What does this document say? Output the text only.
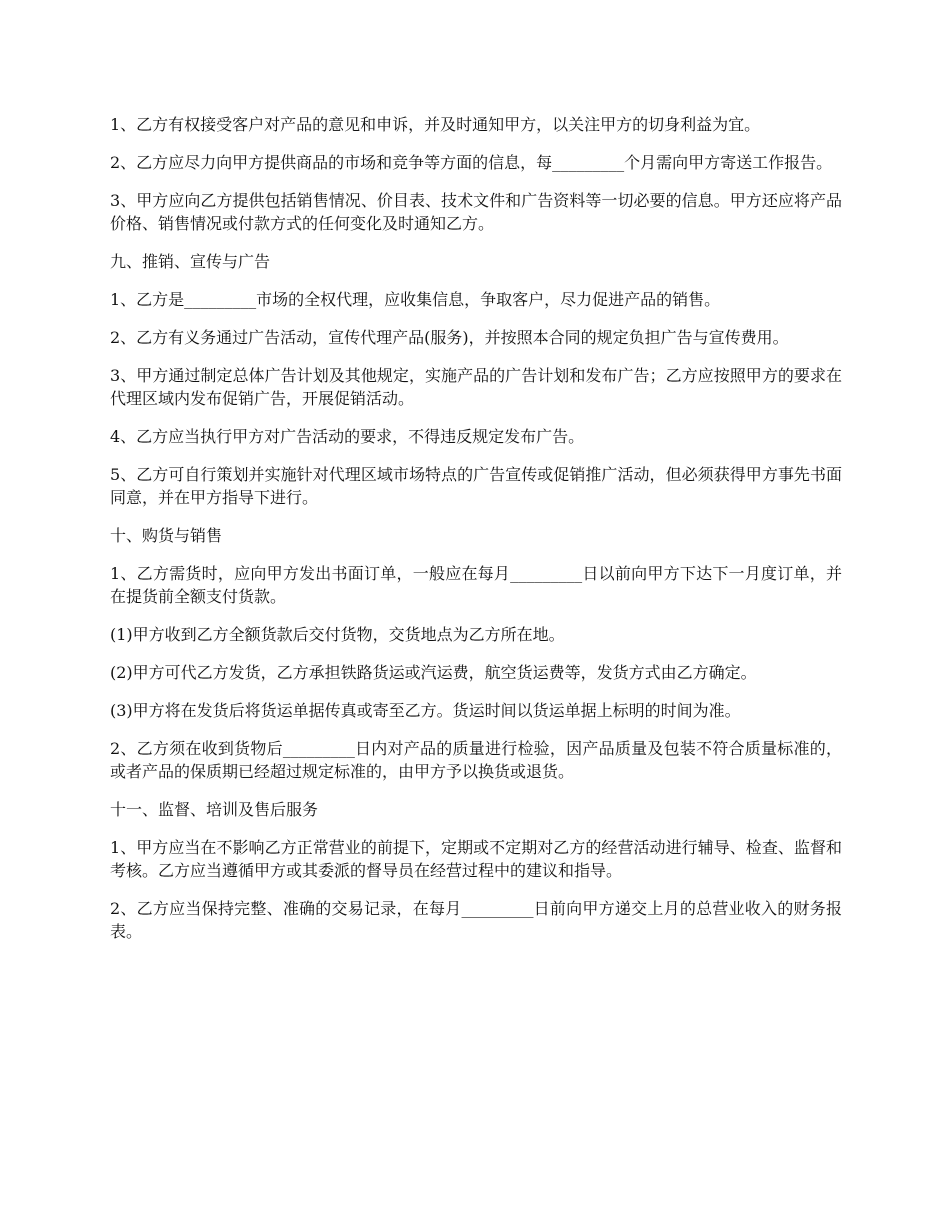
1、乙方有权接受客户对产品的意见和申诉，并及时通知甲方，以关注甲方的切身利益为宜。

2、乙方应尽力向甲方提供商品的市场和竞争等方面的信息，每_________个月需向甲方寄送工作报告。

3、甲方应向乙方提供包括销售情况、价目表、技术文件和广告资料等一切必要的信息。甲方还应将产品价格、销售情况或付款方式的任何变化及时通知乙方。

九、推销、宣传与广告

1、乙方是_________市场的全权代理，应收集信息，争取客户，尽力促进产品的销售。

2、乙方有义务通过广告活动，宣传代理产品(服务)，并按照本合同的规定负担广告与宣传费用。

3、甲方通过制定总体广告计划及其他规定，实施产品的广告计划和发布广告；乙方应按照甲方的要求在代理区域内发布促销广告，开展促销活动。

4、乙方应当执行甲方对广告活动的要求，不得违反规定发布广告。

5、乙方可自行策划并实施针对代理区域市场特点的广告宣传或促销推广活动，但必须获得甲方事先书面同意，并在甲方指导下进行。

十、购货与销售

1、乙方需货时，应向甲方发出书面订单，一般应在每月_________日以前向甲方下达下一月度订单，并在提货前全额支付货款。

(1)甲方收到乙方全额货款后交付货物，交货地点为乙方所在地。

(2)甲方可代乙方发货，乙方承担铁路货运或汽运费，航空货运费等，发货方式由乙方确定。

(3)甲方将在发货后将货运单据传真或寄至乙方。货运时间以货运单据上标明的时间为准。

2、乙方须在收到货物后_________日内对产品的质量进行检验，因产品质量及包装不符合质量标准的，或者产品的保质期已经超过规定标准的，由甲方予以换货或退货。

十一、监督、培训及售后服务

1、甲方应当在不影响乙方正常营业的前提下，定期或不定期对乙方的经营活动进行辅导、检查、监督和考核。乙方应当遵循甲方或其委派的督导员在经营过程中的建议和指导。

2、乙方应当保持完整、准确的交易记录，在每月_________日前向甲方递交上月的总营业收入的财务报表。
